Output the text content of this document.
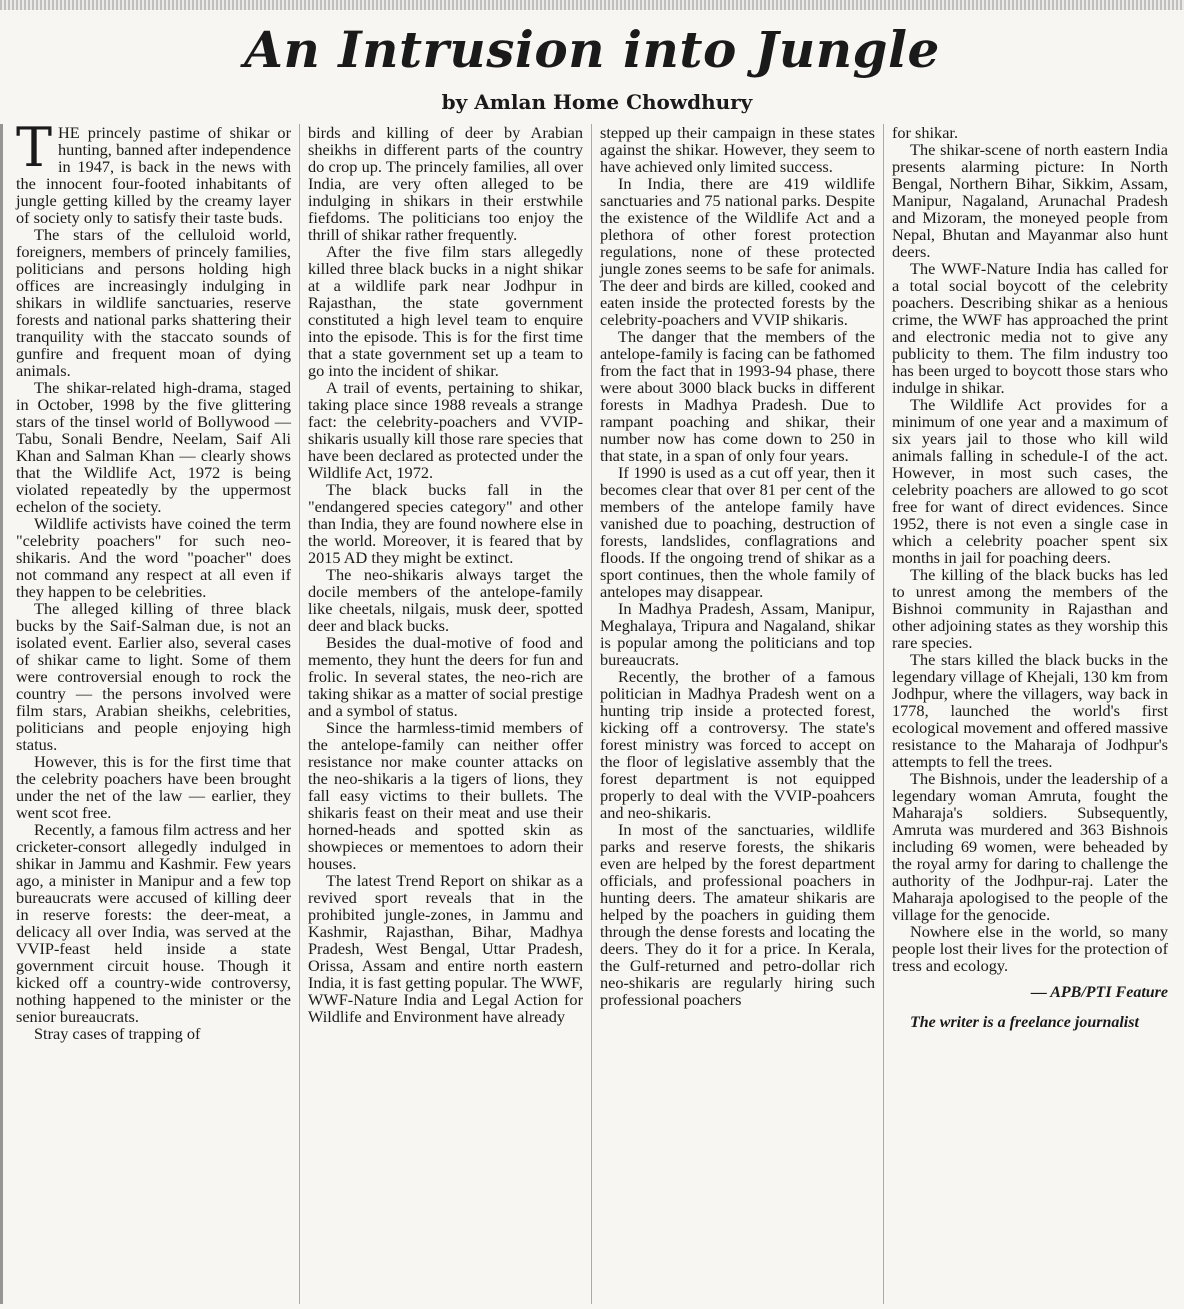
An Intrusion into Jungle
by Amlan Home Chowdhury
T HE princely pastime of shikar or hunting, banned after independence in 1947, is back in the news with the innocent four-footed inhabitants of jungle getting killed by the creamy layer of society only to satisfy their taste buds.

The stars of the celluloid world, foreigners, members of princely families, politicians and persons holding high offices are increasingly indulging in shikars in wildlife sanctuaries, reserve forests and national parks shattering their tranquility with the staccato sounds of gunfire and frequent moan of dying animals.

The shikar-related high-drama, staged in October, 1998 by the five glittering stars of the tinsel world of Bollywood — Tabu, Sonali Bendre, Neelam, Saif Ali Khan and Salman Khan — clearly shows that the Wildlife Act, 1972 is being violated repeatedly by the uppermost echelon of the society.

Wildlife activists have coined the term "celebrity poachers" for such neo-shikaris. And the word "poacher" does not command any respect at all even if they happen to be celebrities.

The alleged killing of three black bucks by the Saif-Salman due, is not an isolated event. Earlier also, several cases of shikar came to light. Some of them were controversial enough to rock the country — the persons involved were film stars, Arabian sheikhs, celebrities, politicians and people enjoying high status.

However, this is for the first time that the celebrity poachers have been brought under the net of the law — earlier, they went scot free.

Recently, a famous film actress and her cricketer-consort allegedly indulged in shikar in Jammu and Kashmir. Few years ago, a minister in Manipur and a few top bureaucrats were accused of killing deer in reserve forests: the deer-meat, a delicacy all over India, was served at the VVIP-feast held inside a state government circuit house. Though it kicked off a country-wide controversy, nothing happened to the minister or the senior bureaucrats.

Stray cases of trapping of

birds and killing of deer by Arabian sheikhs in different parts of the country do crop up. The princely families, all over India, are very often alleged to be indulging in shikars in their erstwhile fiefdoms. The politicians too enjoy the thrill of shikar rather frequently.

After the five film stars allegedly killed three black bucks in a night shikar at a wildlife park near Jodhpur in Rajasthan, the state government constituted a high level team to enquire into the episode. This is for the first time that a state government set up a team to go into the incident of shikar.

A trail of events, pertaining to shikar, taking place since 1988 reveals a strange fact: the celebrity-poachers and VVIP-shikaris usually kill those rare species that have been declared as protected under the Wildlife Act, 1972.

The black bucks fall in the "endangered species category" and other than India, they are found nowhere else in the world. Moreover, it is feared that by 2015 AD they might be extinct.

The neo-shikaris always target the docile members of the antelope-family like cheetals, nilgais, musk deer, spotted deer and black bucks.

Besides the dual-motive of food and memento, they hunt the deers for fun and frolic. In several states, the neo-rich are taking shikar as a matter of social prestige and a symbol of status.

Since the harmless-timid members of the antelope-family can neither offer resistance nor make counter attacks on the neo-shikaris a la tigers of lions, they fall easy victims to their bullets. The shikaris feast on their meat and use their horned-heads and spotted skin as showpieces or mementoes to adorn their houses.

The latest Trend Report on shikar as a revived sport reveals that in the prohibited jungle-zones, in Jammu and Kashmir, Rajasthan, Bihar, Madhya Pradesh, West Bengal, Uttar Pradesh, Orissa, Assam and entire north eastern India, it is fast getting popular. The WWF, WWF-Nature India and Legal Action for Wildlife and Environment have already

stepped up their campaign in these states against the shikar. However, they seem to have achieved only limited success.

In India, there are 419 wildlife sanctuaries and 75 national parks. Despite the existence of the Wildlife Act and a plethora of other forest protection regulations, none of these protected jungle zones seems to be safe for animals. The deer and birds are killed, cooked and eaten inside the protected forests by the celebrity-poachers and VVIP shikaris.

The danger that the members of the antelope-family is facing can be fathomed from the fact that in 1993-94 phase, there were about 3000 black bucks in different forests in Madhya Pradesh. Due to rampant poaching and shikar, their number now has come down to 250 in that state, in a span of only four years.

If 1990 is used as a cut off year, then it becomes clear that over 81 per cent of the members of the antelope family have vanished due to poaching, destruction of forests, landslides, conflagrations and floods. If the ongoing trend of shikar as a sport continues, then the whole family of antelopes may disappear.

In Madhya Pradesh, Assam, Manipur, Meghalaya, Tripura and Nagaland, shikar is popular among the politicians and top bureaucrats.

Recently, the brother of a famous politician in Madhya Pradesh went on a hunting trip inside a protected forest, kicking off a controversy. The state's forest ministry was forced to accept on the floor of legislative assembly that the forest department is not equipped properly to deal with the VVIP-poahcers and neo-shikaris.

In most of the sanctuaries, wildlife parks and reserve forests, the shikaris even are helped by the forest department officials, and professional poachers in hunting deers. The amateur shikaris are helped by the poachers in guiding them through the dense forests and locating the deers. They do it for a price. In Kerala, the Gulf-returned and petro-dollar rich neo-shikaris are regularly hiring such professional poachers

for shikar.

The shikar-scene of north eastern India presents alarming picture: In North Bengal, Northern Bihar, Sikkim, Assam, Manipur, Nagaland, Arunachal Pradesh and Mizoram, the moneyed people from Nepal, Bhutan and Mayanmar also hunt deers.

The WWF-Nature India has called for a total social boycott of the celebrity poachers. Describing shikar as a henious crime, the WWF has approached the print and electronic media not to give any publicity to them. The film industry too has been urged to boycott those stars who indulge in shikar.

The Wildlife Act provides for a minimum of one year and a maximum of six years jail to those who kill wild animals falling in schedule-I of the act. However, in most such cases, the celebrity poachers are allowed to go scot free for want of direct evidences. Since 1952, there is not even a single case in which a celebrity poacher spent six months in jail for poaching deers.

The killing of the black bucks has led to unrest among the members of the Bishnoi community in Rajasthan and other adjoining states as they worship this rare species.

The stars killed the black bucks in the legendary village of Khejali, 130 km from Jodhpur, where the villagers, way back in 1778, launched the world's first ecological movement and offered massive resistance to the Maharaja of Jodhpur's attempts to fell the trees.

The Bishnois, under the leadership of a legendary woman Amruta, fought the Maharaja's soldiers. Subsequently, Amruta was murdered and 363 Bishnois including 69 women, were beheaded by the royal army for daring to challenge the authority of the Jodhpur-raj. Later the Maharaja apologised to the people of the village for the genocide.

Nowhere else in the world, so many people lost their lives for the protection of tress and ecology.

— APB/PTI Feature
The writer is a freelance journalist
